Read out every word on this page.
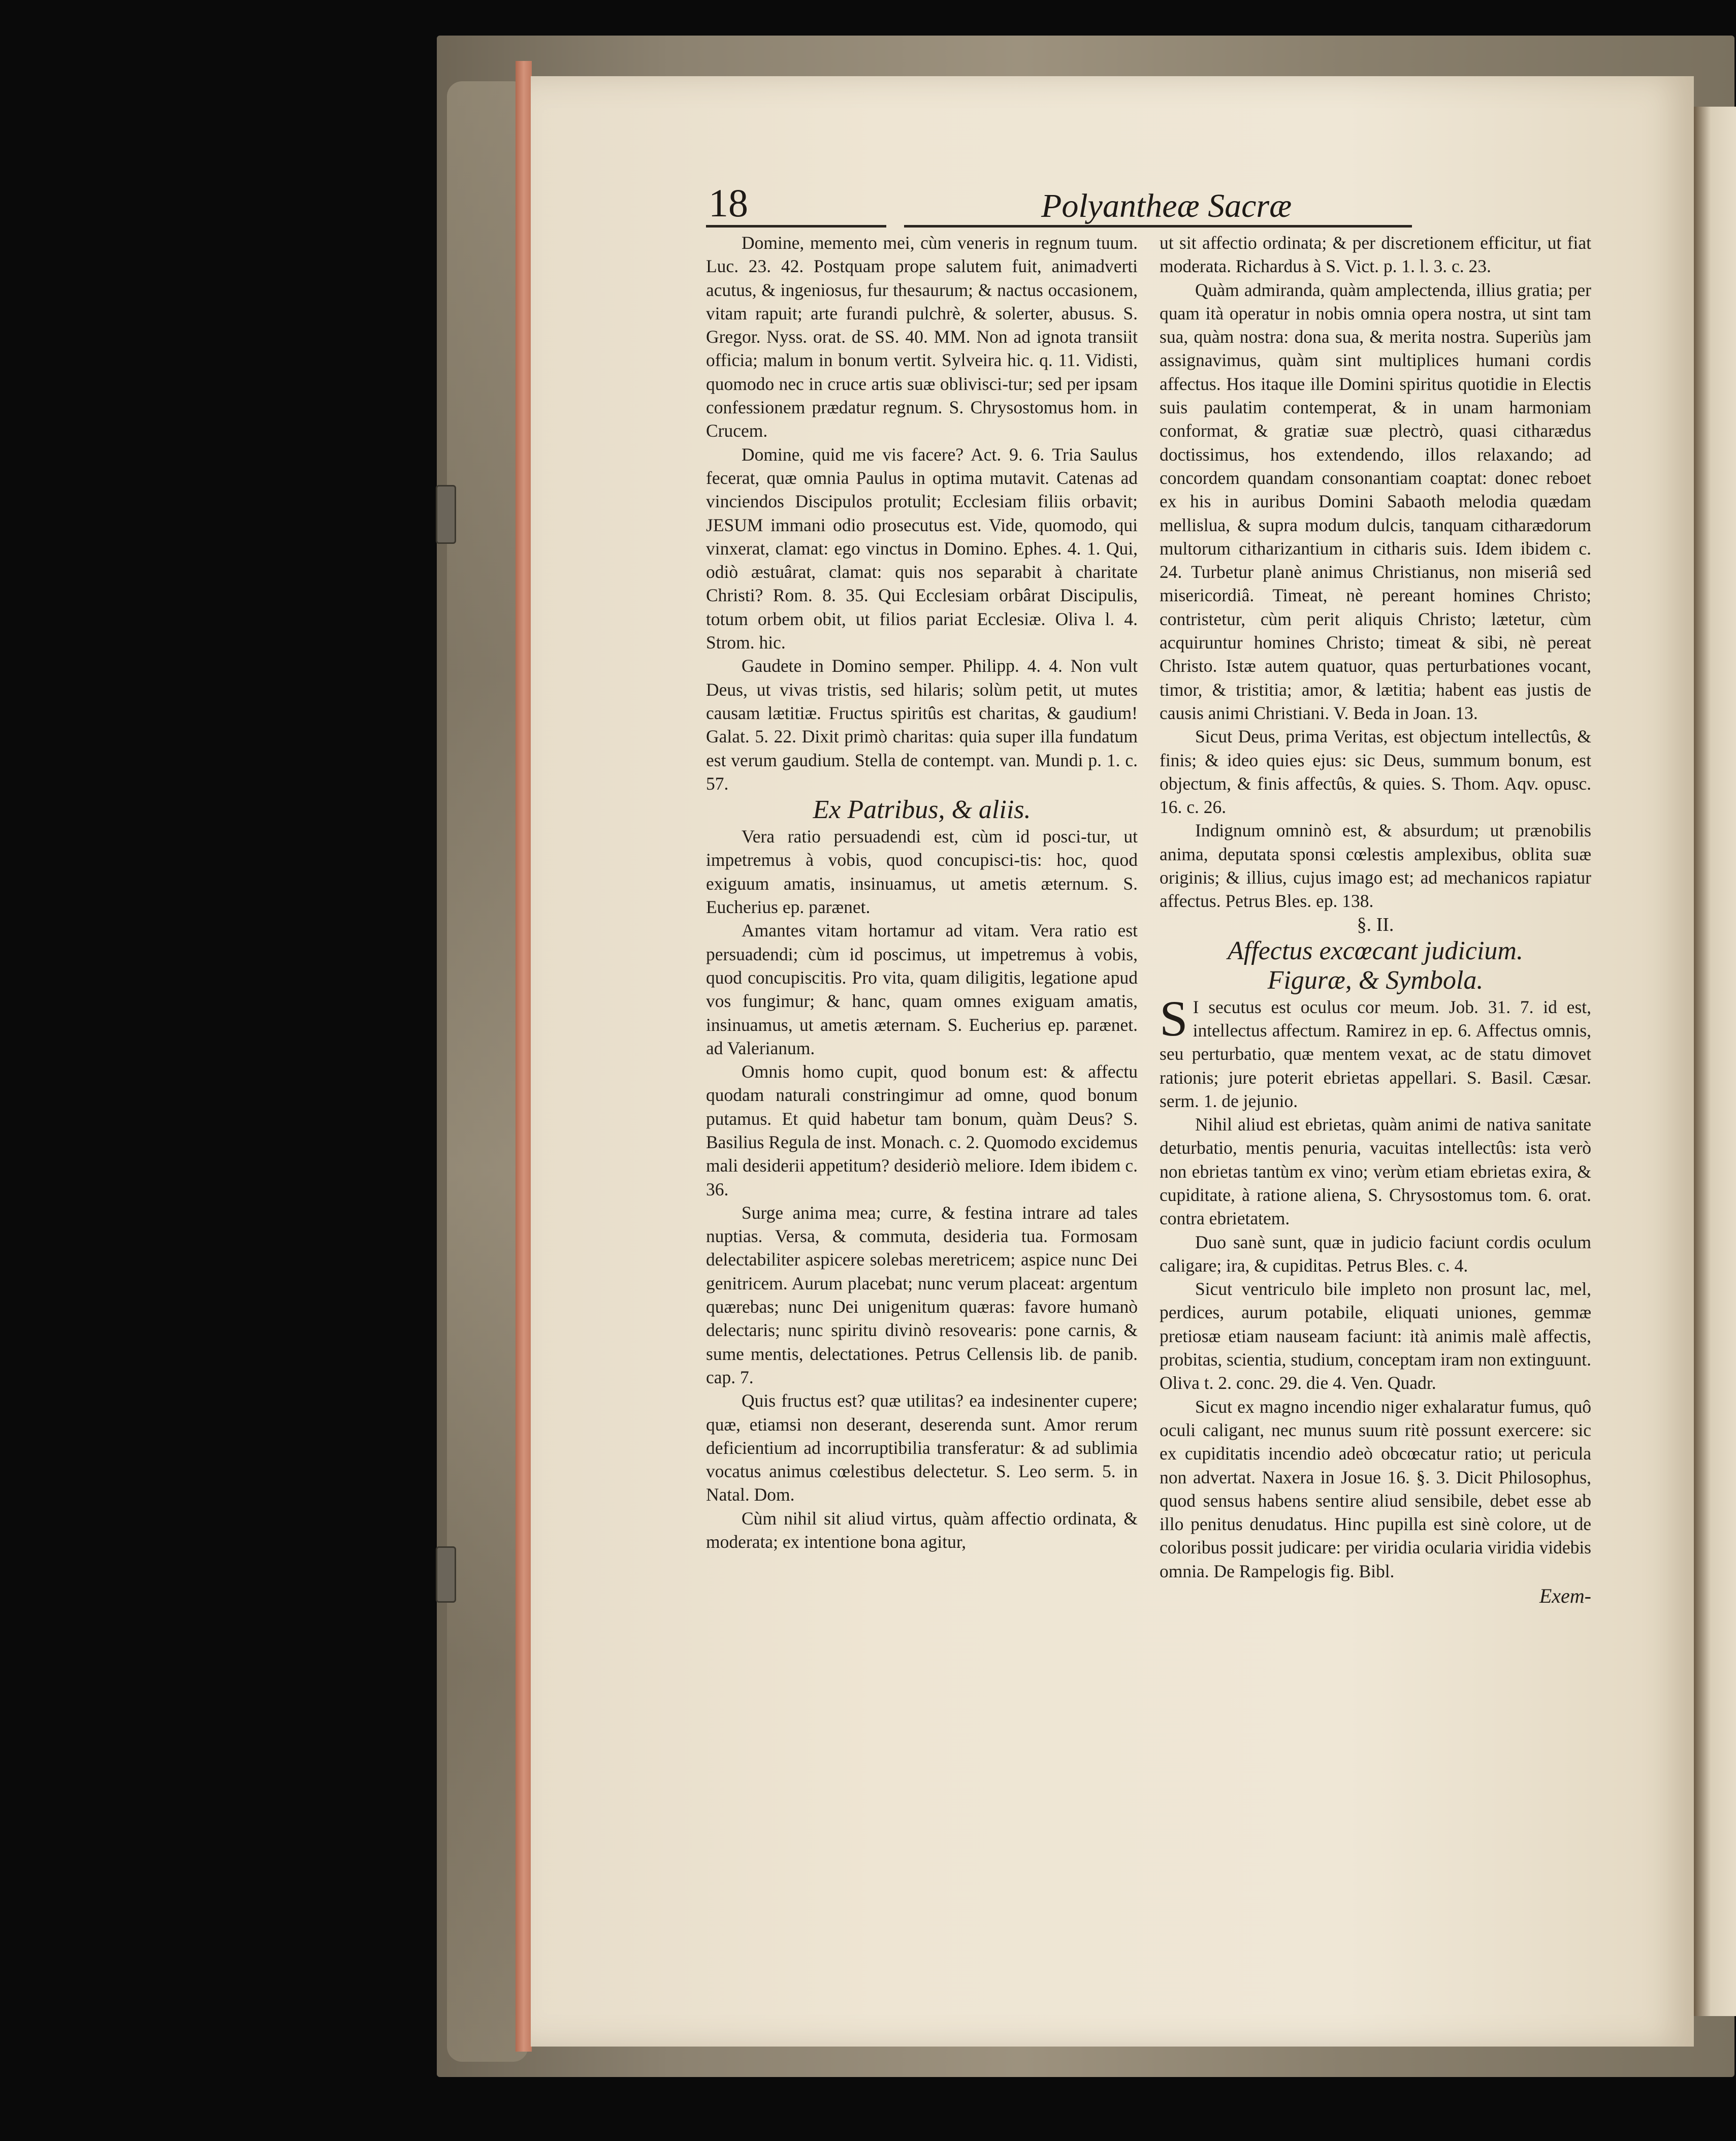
18	Polyantheæ Sacræ
Domine, memento mei, cùm veneris in regnum tuum. Luc. 23. 42. Postquam prope salutem fuit, animadverti acutus, & ingeniosus, fur thesaurum; & nactus occasionem, vitam rapuit; arte furandi pulchrè, & solerter, abusus. S. Gregor. Nyss. orat. de SS. 40. MM. Non ad ignota transiit officia; malum in bonum vertit. Sylveira hic. q. 11. Vidisti, quomodo nec in cruce artis suæ oblivisci-tur; sed per ipsam confessionem prædatur regnum. S. Chrysostomus hom. in Crucem.
Domine, quid me vis facere? Act. 9. 6. Tria Saulus fecerat, quæ omnia Paulus in optima mutavit. Catenas ad vinciendos Discipulos protulit; Ecclesiam filiis orbavit; JESUM immani odio prosecutus est. Vide, quomodo, qui vinxerat, clamat: ego vinctus in Domino. Ephes. 4. 1. Qui, odiò æstuârat, clamat: quis nos separabit à charitate Christi? Rom. 8. 35. Qui Ecclesiam orbârat Discipulis, totum orbem obit, ut filios pariat Ecclesiæ. Oliva l. 4. Strom. hic.
Gaudete in Domino semper. Philipp. 4. 4. Non vult Deus, ut vivas tristis, sed hilaris; solùm petit, ut mutes causam lætitiæ. Fructus spiritûs est charitas, & gaudium! Galat. 5. 22. Dixit primò charitas: quia super illa fundatum est verum gaudium. Stella de contempt. van. Mundi p. 1. c. 57.
Ex Patribus, & aliis.
Vera ratio persuadendi est, cùm id posci-tur, ut impetremus à vobis, quod concupisci-tis: hoc, quod exiguum amatis, insinuamus, ut ametis æternum. S. Eucherius ep. parænet.
Amantes vitam hortamur ad vitam. Vera ratio est persuadendi; cùm id poscimus, ut impetremus à vobis, quod concupiscitis. Pro vita, quam diligitis, legatione apud vos fungimur; & hanc, quam omnes exiguam amatis, insinuamus, ut ametis æternam. S. Eucherius ep. parænet. ad Valerianum.
Omnis homo cupit, quod bonum est: & affectu quodam naturali constringimur ad omne, quod bonum putamus. Et quid habetur tam bonum, quàm Deus? S. Basilius Regula de inst. Monach. c. 2. Quomodo excidemus mali desiderii appetitum? desideriò meliore. Idem ibidem c. 36.
Surge anima mea; curre, & festina intrare ad tales nuptias. Versa, & commuta, desideria tua. Formosam delectabiliter aspicere solebas meretricem; aspice nunc Dei genitricem. Aurum placebat; nunc verum placeat: argentum quærebas; nunc Dei unigenitum quæras: favore humanò delectaris; nunc spiritu divinò resovearis: pone carnis, & sume mentis, delectationes. Petrus Cellensis lib. de panib. cap. 7.
Quis fructus est? quæ utilitas? ea indesinenter cupere; quæ, etiamsi non deserant, deserenda sunt. Amor rerum deficientium ad incorruptibilia transferatur: & ad sublimia vocatus animus cœlestibus delectetur. S. Leo serm. 5. in Natal. Dom.
Cùm nihil sit aliud virtus, quàm affectio ordinata, & moderata; ex intentione bona agitur,
ut sit affectio ordinata; & per discretionem efficitur, ut fiat moderata. Richardus à S. Vict. p. 1. l. 3. c. 23.
Quàm admiranda, quàm amplectenda, illius gratia; per quam ità operatur in nobis omnia opera nostra, ut sint tam sua, quàm nostra: dona sua, & merita nostra. Superiùs jam assignavimus, quàm sint multiplices humani cordis affectus. Hos itaque ille Domini spiritus quotidie in Electis suis paulatim contemperat, & in unam harmoniam conformat, & gratiæ suæ plectrò, quasi citharædus doctissimus, hos extendendo, illos relaxando; ad concordem quandam consonantiam coaptat: donec reboet ex his in auribus Domini Sabaoth melodia quædam mellislua, & supra modum dulcis, tanquam citharædorum multorum citharizantium in citharis suis. Idem ibidem c. 24. Turbetur planè animus Christianus, non miseriâ sed misericordiâ. Timeat, nè pereant homines Christo; contristetur, cùm perit aliquis Christo; lætetur, cùm acquiruntur homines Christo; timeat & sibi, nè pereat Christo. Istæ autem quatuor, quas perturbationes vocant, timor, & tristitia; amor, & lætitia; habent eas justis de causis animi Christiani. V. Beda in Joan. 13.
Sicut Deus, prima Veritas, est objectum intellectûs, & finis; & ideo quies ejus: sic Deus, summum bonum, est objectum, & finis affectûs, & quies. S. Thom. Aqv. opusc. 16. c. 26.
Indignum omninò est, & absurdum; ut prænobilis anima, deputata sponsi cœlestis amplexibus, oblita suæ originis; & illius, cujus imago est; ad mechanicos rapiatur affectus. Petrus Bles. ep. 138.
§. II.
Affectus excœcant judicium.
Figuræ, & Symbola.
S I secutus est oculus cor meum. Job. 31. 7. id est, intellectus affectum. Ramirez in ep. 6. Affectus omnis, seu perturbatio, quæ mentem vexat, ac de statu dimovet rationis; jure poterit ebrietas appellari. S. Basil. Cæsar. serm. 1. de jejunio.
Nihil aliud est ebrietas, quàm animi de nativa sanitate deturbatio, mentis penuria, vacuitas intellectûs: ista verò non ebrietas tantùm ex vino; verùm etiam ebrietas exira, & cupiditate, à ratione aliena, S. Chrysostomus tom. 6. orat. contra ebrietatem.
Duo sanè sunt, quæ in judicio faciunt cordis oculum caligare; ira, & cupiditas. Petrus Bles. c. 4.
Sicut ventriculo bile impleto non prosunt lac, mel, perdices, aurum potabile, eliquati uniones, gemmæ pretiosæ etiam nauseam faciunt: ità animis malè affectis, probitas, scientia, studium, conceptam iram non extinguunt. Oliva t. 2. conc. 29. die 4. Ven. Quadr.
Sicut ex magno incendio niger exhalaratur fumus, quô oculi caligant, nec munus suum ritè possunt exercere: sic ex cupiditatis incendio adeò obcœcatur ratio; ut pericula non advertat. Naxera in Josue 16. §. 3. Dicit Philosophus, quod sensus habens sentire aliud sensibile, debet esse ab illo penitus denudatus. Hinc pupilla est sinè colore, ut de coloribus possit judicare: per viridia ocularia viridia videbis omnia. De Rampelogis fig. Bibl.
Exem-
